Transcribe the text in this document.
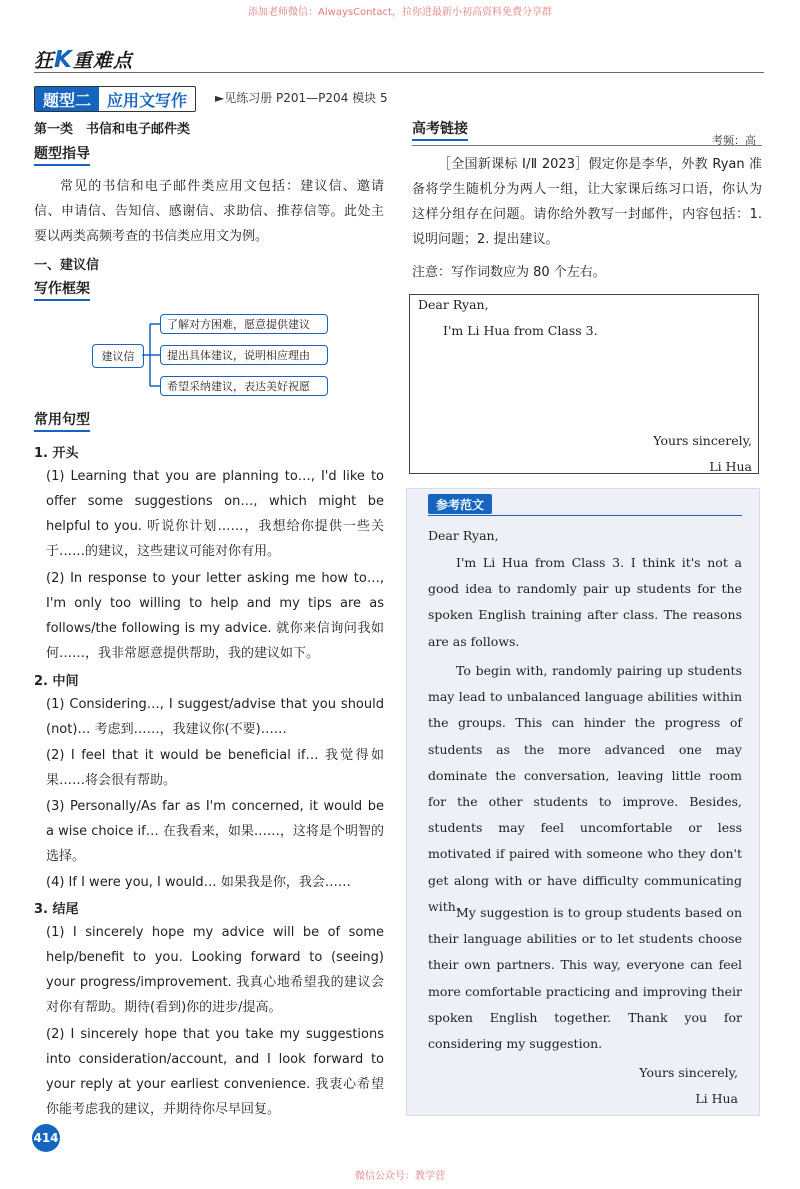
添加老师微信：AlwaysContact，拉你进最新小初高资料免费分享群
狂K重难点
题型二	应用文写作	►见练习册 P201—P204 模块 5
第一类　书信和电子邮件类
题型指导
常见的书信和电子邮件类应用文包括：建议信、邀请信、申请信、告知信、感谢信、求助信、推荐信等。此处主要以两类高频考查的书信类应用文为例。
一、建议信
写作框架
建议信
了解对方困难，愿意提供建议
提出具体建议，说明相应理由
希望采纳建议，表达美好祝愿
常用句型
1. 开头
(1) Learning that you are planning to…, I'd like to offer some suggestions on…, which might be helpful to you. 听说你计划……，我想给你提供一些关于……的建议，这些建议可能对你有用。
(2) In response to your letter asking me how to…, I'm only too willing to help and my tips are as follows/the following is my advice. 就你来信询问我如何……，我非常愿意提供帮助，我的建议如下。
2. 中间
(1) Considering…, I suggest/advise that you should (not)… 考虑到……，我建议你(不要)……
(2) I feel that it would be beneficial if… 我觉得如果……将会很有帮助。
(3) Personally/As far as I'm concerned, it would be a wise choice if… 在我看来，如果……，这将是个明智的选择。
(4) If I were you, I would… 如果我是你，我会……
3. 结尾
(1) I sincerely hope my advice will be of some help/benefit to you. Looking forward to (seeing) your progress/improvement. 我真心地希望我的建议会对你有帮助。期待(看到)你的进步/提高。
(2) I sincerely hope that you take my suggestions into consideration/account, and I look forward to your reply at your earliest convenience. 我衷心希望你能考虑我的建议，并期待你尽早回复。
414
高考链接
考频：高
［全国新课标 Ⅰ/Ⅱ 2023］假定你是李华，外教 Ryan 准备将学生随机分为两人一组，让大家课后练习口语，你认为这样分组存在问题。请你给外教写一封邮件，内容包括：1. 说明问题；2. 提出建议。
注意：写作词数应为 80 个左右。
Dear Ryan,
I'm Li Hua from Class 3.
Yours sincerely,
Li Hua
参考范文
Dear Ryan,
I'm Li Hua from Class 3. I think it's not a good idea to randomly pair up students for the spoken English training after class. The reasons are as follows.
To begin with, randomly pairing up students may lead to unbalanced language abilities within the groups. This can hinder the progress of students as the more advanced one may dominate the conversation, leaving little room for the other students to improve. Besides, students may feel uncomfortable or less motivated if paired with someone who they don't get along with or have difficulty communicating with.
My suggestion is to group students based on their language abilities or to let students choose their own partners. This way, everyone can feel more comfortable practicing and improving their spoken English together. Thank you for considering my suggestion.
Yours sincerely,
Li Hua
微信公众号：教学营
